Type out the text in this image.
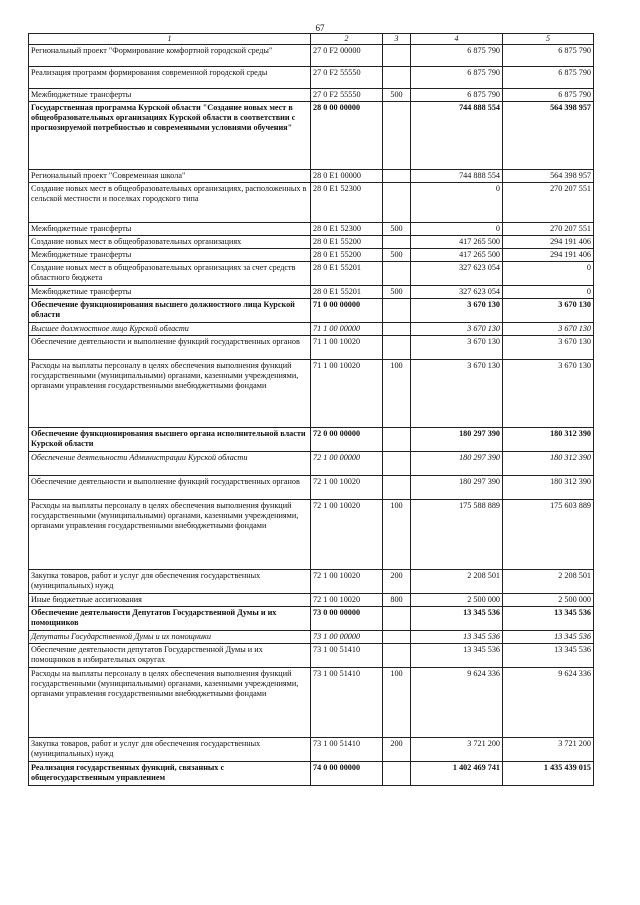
67
1	2	3	4	5
Региональный проект "Формирование комфортной городской среды"	27 0 F2 00000		6 875 790	6 875 790
Реализация программ формирования современной городской среды	27 0 F2 55550		6 875 790	6 875 790
Межбюджетные трансферты	27 0 F2 55550	500	6 875 790	6 875 790
Государственная программа Курской области "Создание новых мест в общеобразовательных организациях Курской области в соответствии с прогнозируемой потребностью и современными условиями обучения"	28 0 00 00000		744 888 554	564 398 957
Региональный проект "Современная школа"	28 0 E1 00000		744 888 554	564 398 957
Создание новых мест в общеобразовательных организациях, расположенных в сельской местности и поселках городского типа	28 0 E1 52300		0	270 207 551
Межбюджетные трансферты	28 0 E1 52300	500	0	270 207 551
Создание новых мест в общеобразовательных организациях	28 0 E1 55200		417 265 500	294 191 406
Межбюджетные трансферты	28 0 E1 55200	500	417 265 500	294 191 406
Создание новых мест в общеобразовательных организациях за счет средств областного бюджета	28 0 E1 55201		327 623 054	0
Межбюджетные трансферты	28 0 E1 55201	500	327 623 054	0
Обеспечение функционирования высшего должностного лица Курской области	71 0 00 00000		3 670 130	3 670 130
Высшее должностное лицо Курской области	71 1 00 00000		3 670 130	3 670 130
Обеспечение деятельности и выполнение функций государственных органов	71 1 00 10020		3 670 130	3 670 130
Расходы на выплаты персоналу в целях обеспечения выполнения функций государственными (муниципальными) органами, казенными учреждениями, органами управления государственными внебюджетными фондами	71 1 00 10020	100	3 670 130	3 670 130
Обеспечение функционирования высшего органа исполнительной власти Курской области	72 0 00 00000		180 297 390	180 312 390
Обеспечение деятельности Администрации Курской области	72 1 00 00000		180 297 390	180 312 390
Обеспечение деятельности и выполнение функций государственных органов	72 1 00 10020		180 297 390	180 312 390
Расходы на выплаты персоналу в целях обеспечения выполнения функций государственными (муниципальными) органами, казенными учреждениями, органами управления государственными внебюджетными фондами	72 1 00 10020	100	175 588 889	175 603 889
Закупка товаров, работ и услуг для обеспечения государственных (муниципальных) нужд	72 1 00 10020	200	2 208 501	2 208 501
Иные бюджетные ассигнования	72 1 00 10020	800	2 500 000	2 500 000
Обеспечение деятельности Депутатов Государственной Думы и их помощников	73 0 00 00000		13 345 536	13 345 536
Депутаты Государственной Думы и их помощники	73 1 00 00000		13 345 536	13 345 536
Обеспечение деятельности депутатов Государственной Думы и их помощников в избирательных округах	73 1 00 51410		13 345 536	13 345 536
Расходы на выплаты персоналу в целях обеспечения выполнения функций государственными (муниципальными) органами, казенными учреждениями, органами управления государственными внебюджетными фондами	73 1 00 51410	100	9 624 336	9 624 336
Закупка товаров, работ и услуг для обеспечения государственных (муниципальных) нужд	73 1 00 51410	200	3 721 200	3 721 200
Реализация государственных функций, связанных с общегосударственным управлением	74 0 00 00000		1 402 469 741	1 435 439 015
